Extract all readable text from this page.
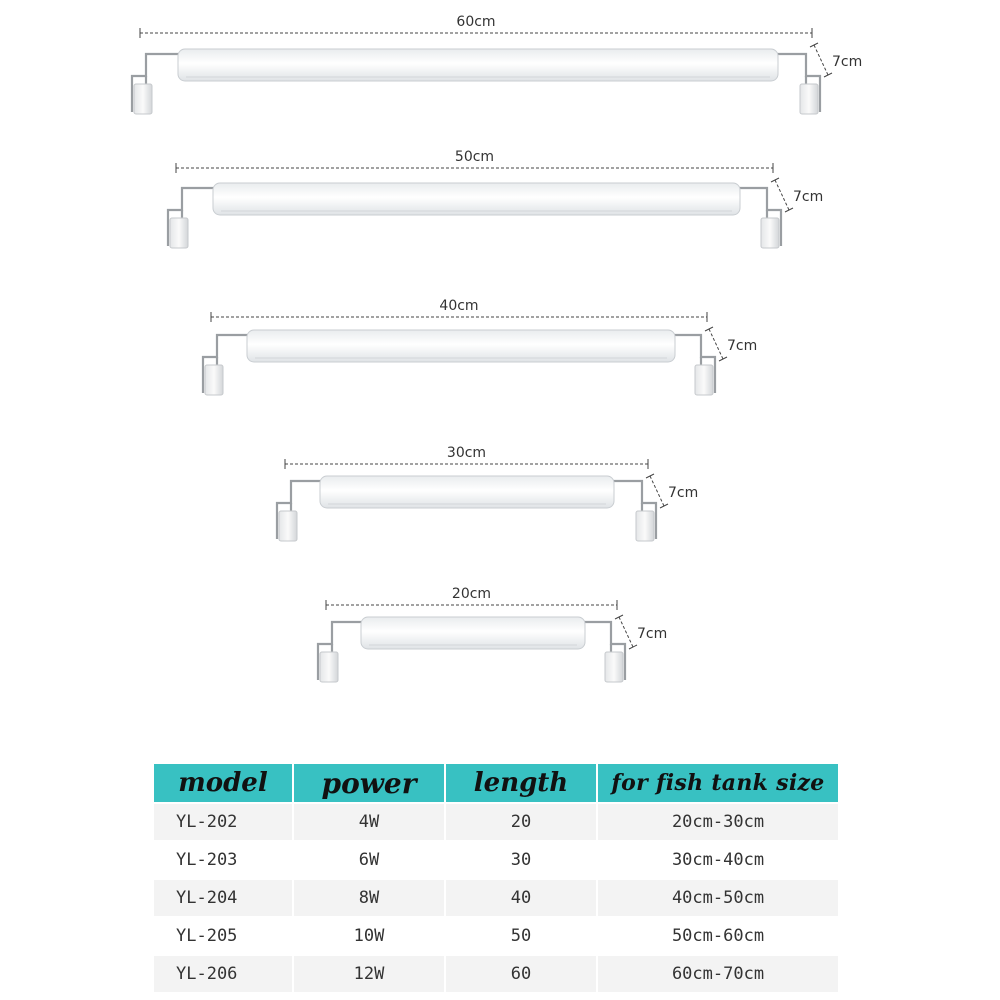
60cm
7cm
50cm
7cm
40cm
7cm
30cm
7cm
20cm
7cm
model	power	length	for fish tank size
YL-202	4W	20	20cm-30cm
YL-203	6W	30	30cm-40cm
YL-204	8W	40	40cm-50cm
YL-205	10W	50	50cm-60cm
YL-206	12W	60	60cm-70cm
